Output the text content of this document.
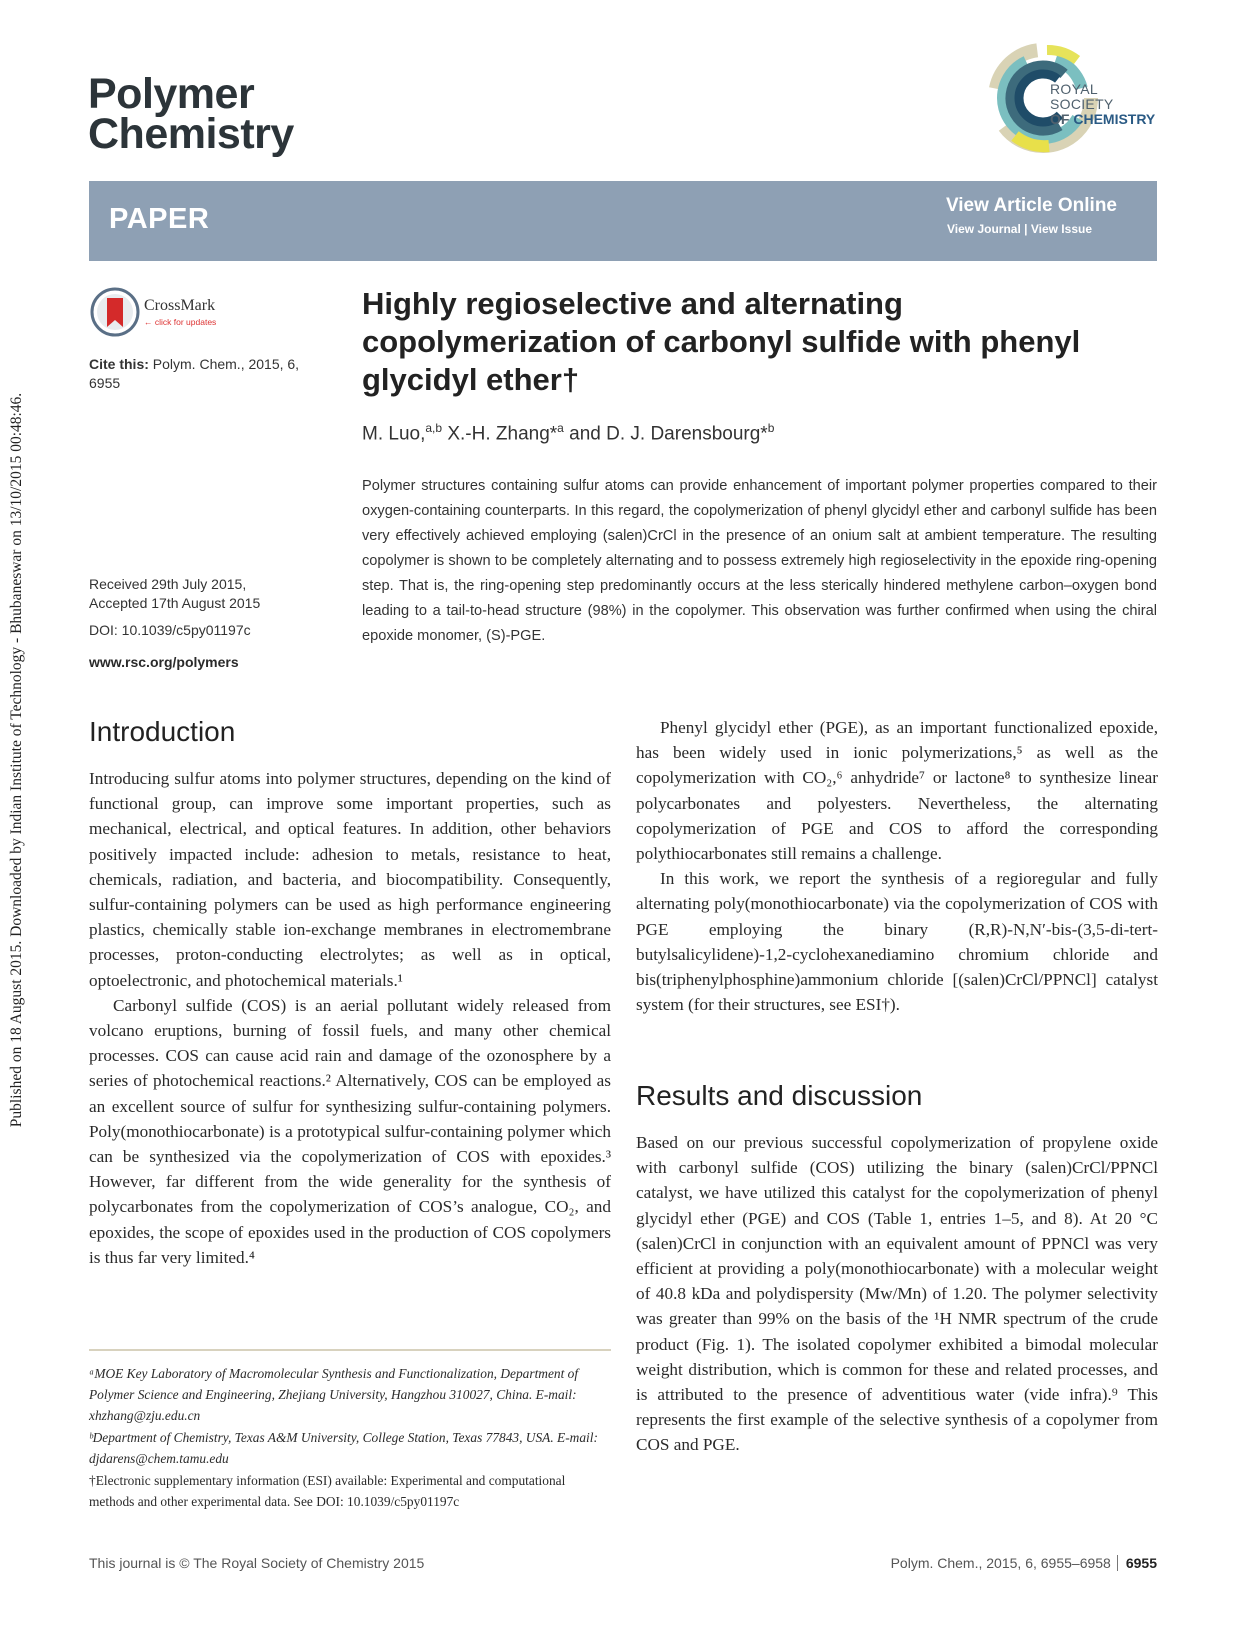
Published on 18 August 2015. Downloaded by Indian Institute of Technology - Bhubaneswar on 13/10/2015 00:48:46.
Polymer
Chemistry
ROYAL SOCIETY
OF CHEMISTRY
PAPER	View Article Online
View Journal | View Issue
CrossMark
← click for updates
Cite this: Polym. Chem., 2015, 6, 6955
Received 29th July 2015,
Accepted 17th August 2015
DOI: 10.1039/c5py01197c
www.rsc.org/polymers
Highly regioselective and alternating copolymerization of carbonyl sulfide with phenyl glycidyl ether†
M. Luo,$^{a,b}$ X.-H. Zhang*$^a$ and D. J. Darensbourg*$^b$

Polymer structures containing sulfur atoms can provide enhancement of important polymer properties compared to their oxygen-containing counterparts. In this regard, the copolymerization of phenyl glycidyl ether and carbonyl sulfide has been very effectively achieved employing (salen)CrCl in the presence of an onium salt at ambient temperature. The resulting copolymer is shown to be completely alternating and to possess extremely high regioselectivity in the epoxide ring-opening step. That is, the ring-opening step predominantly occurs at the less sterically hindered methylene carbon–oxygen bond leading to a tail-to-head structure (98%) in the copolymer. This observation was further confirmed when using the chiral epoxide monomer, (S)-PGE.

Introduction

Introducing sulfur atoms into polymer structures, depending on the kind of functional group, can improve some important properties, such as mechanical, electrical, and optical features. In addition, other behaviors positively impacted include: adhesion to metals, resistance to heat, chemicals, radiation, and bacteria, and biocompatibility. Consequently, sulfur-containing polymers can be used as high performance engineering plastics, chemically stable ion-exchange membranes in electromembrane processes, proton-conducting electrolytes; as well as in optical, optoelectronic, and photochemical materials.¹

Carbonyl sulfide (COS) is an aerial pollutant widely released from volcano eruptions, burning of fossil fuels, and many other chemical processes. COS can cause acid rain and damage of the ozonosphere by a series of photochemical reactions.² Alternatively, COS can be employed as an excellent source of sulfur for synthesizing sulfur-containing polymers. Poly(monothiocarbonate) is a prototypical sulfur-containing polymer which can be synthesized via the copolymerization of COS with epoxides.³ However, far different from the wide generality for the synthesis of polycarbonates from the copolymerization of COS’s analogue, CO₂, and epoxides, the scope of epoxides used in the production of COS copolymers is thus far very limited.⁴

Phenyl glycidyl ether (PGE), as an important functionalized epoxide, has been widely used in ionic polymerizations,⁵ as well as the copolymerization with CO₂,⁶ anhydride⁷ or lactone⁸ to synthesize linear polycarbonates and polyesters. Nevertheless, the alternating copolymerization of PGE and COS to afford the corresponding polythiocarbonates still remains a challenge.

In this work, we report the synthesis of a regioregular and fully alternating poly(monothiocarbonate) via the copolymerization of COS with PGE employing the binary (R,R)-N,N′-bis-(3,5-di-tert-butylsalicylidene)-1,2-cyclohexanediamino chromium chloride and bis(triphenylphosphine)ammonium chloride [(salen)CrCl/PPNCl] catalyst system (for their structures, see ESI†).

Results and discussion

Based on our previous successful copolymerization of propylene oxide with carbonyl sulfide (COS) utilizing the binary (salen)CrCl/PPNCl catalyst, we have utilized this catalyst for the copolymerization of phenyl glycidyl ether (PGE) and COS (Table 1, entries 1–5, and 8). At 20 °C (salen)CrCl in conjunction with an equivalent amount of PPNCl was very efficient at providing a poly(monothiocarbonate) with a molecular weight of 40.8 kDa and polydispersity (Mw/Mn) of 1.20. The polymer selectivity was greater than 99% on the basis of the ¹H NMR spectrum of the crude product (Fig. 1). The isolated copolymer exhibited a bimodal molecular weight distribution, which is common for these and related processes, and is attributed to the presence of adventitious water (vide infra).⁹ This represents the first example of the selective synthesis of a copolymer from COS and PGE.

ᵃMOE Key Laboratory of Macromolecular Synthesis and Functionalization, Department of Polymer Science and Engineering, Zhejiang University, Hangzhou 310027, China. E-mail: xhzhang@zju.edu.cn

ᵇDepartment of Chemistry, Texas A&M University, College Station, Texas 77843, USA. E-mail: djdarens@chem.tamu.edu

†Electronic supplementary information (ESI) available: Experimental and computational methods and other experimental data. See DOI: 10.1039/c5py01197c

This journal is © The Royal Society of Chemistry 2015	Polym. Chem., 2015, 6, 6955–6958 6955
